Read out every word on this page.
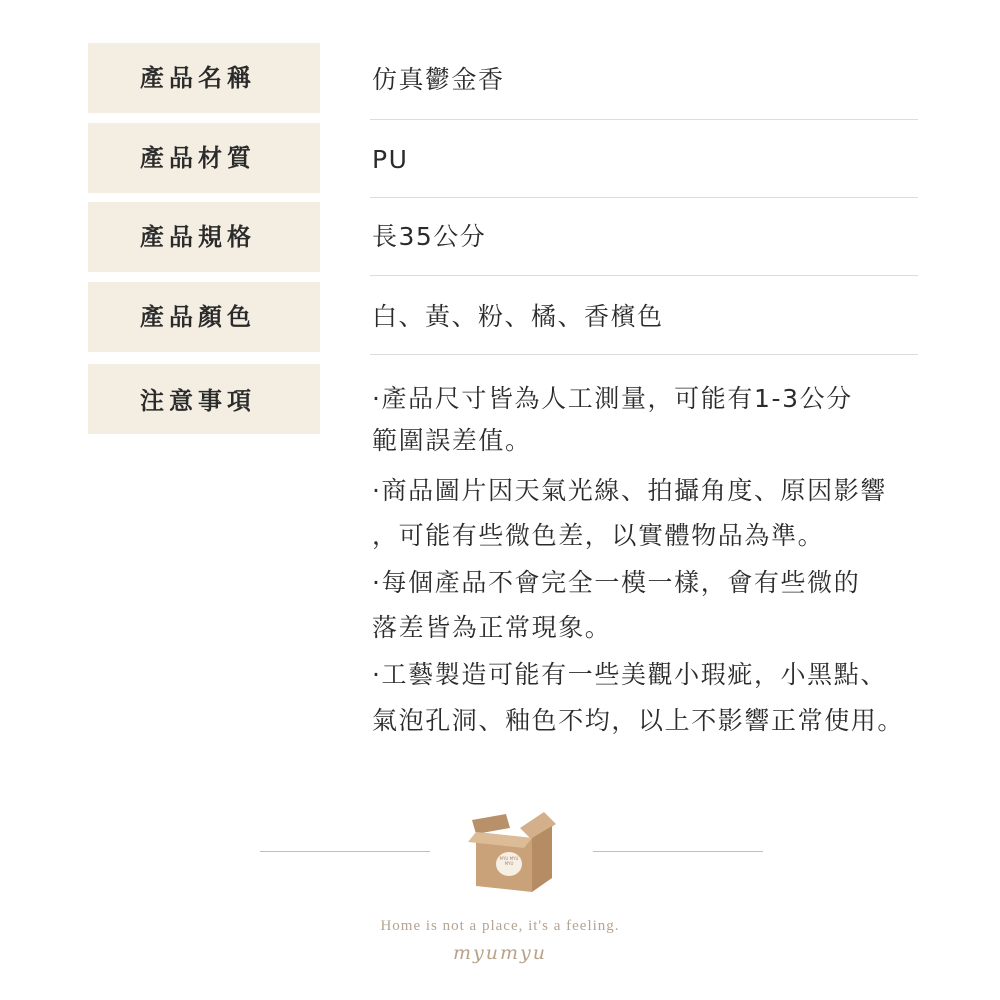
產品名稱
產品材質
產品規格
產品顏色
注意事項
仿真鬱金香
PU
長35公分
白、黃、粉、橘、香檳色
·產品尺寸皆為人工測量，可能有1-3公分
範圍誤差值。
·商品圖片因天氣光線、拍攝角度、原因影響
，可能有些微色差，以實體物品為準。
·每個產品不會完全一模一樣，會有些微的
落差皆為正常現象。
·工藝製造可能有一些美觀小瑕疵，小黑點、
氣泡孔洞、釉色不均，以上不影響正常使用。
MYU MYU MYU
Home is not a place, it's a feeling.
myumyu
